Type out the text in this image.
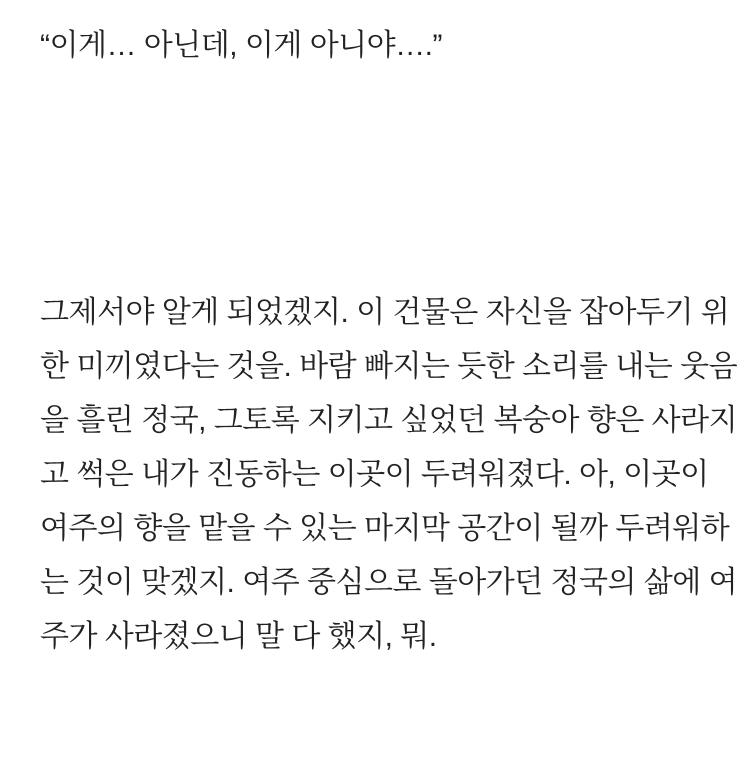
“이게… 아닌데, 이게 아니야….”
그제서야 알게 되었겠지. 이 건물은 자신을 잡아두기 위
한 미끼였다는 것을. 바람 빠지는 듯한 소리를 내는 웃음
을 흘린 정국, 그토록 지키고 싶었던 복숭아 향은 사라지
고 썩은 내가 진동하는 이곳이 두려워졌다. 아, 이곳이
여주의 향을 맡을 수 있는 마지막 공간이 될까 두려워하
는 것이 맞겠지. 여주 중심으로 돌아가던 정국의 삶에 여
주가 사라졌으니 말 다 했지, 뭐.
